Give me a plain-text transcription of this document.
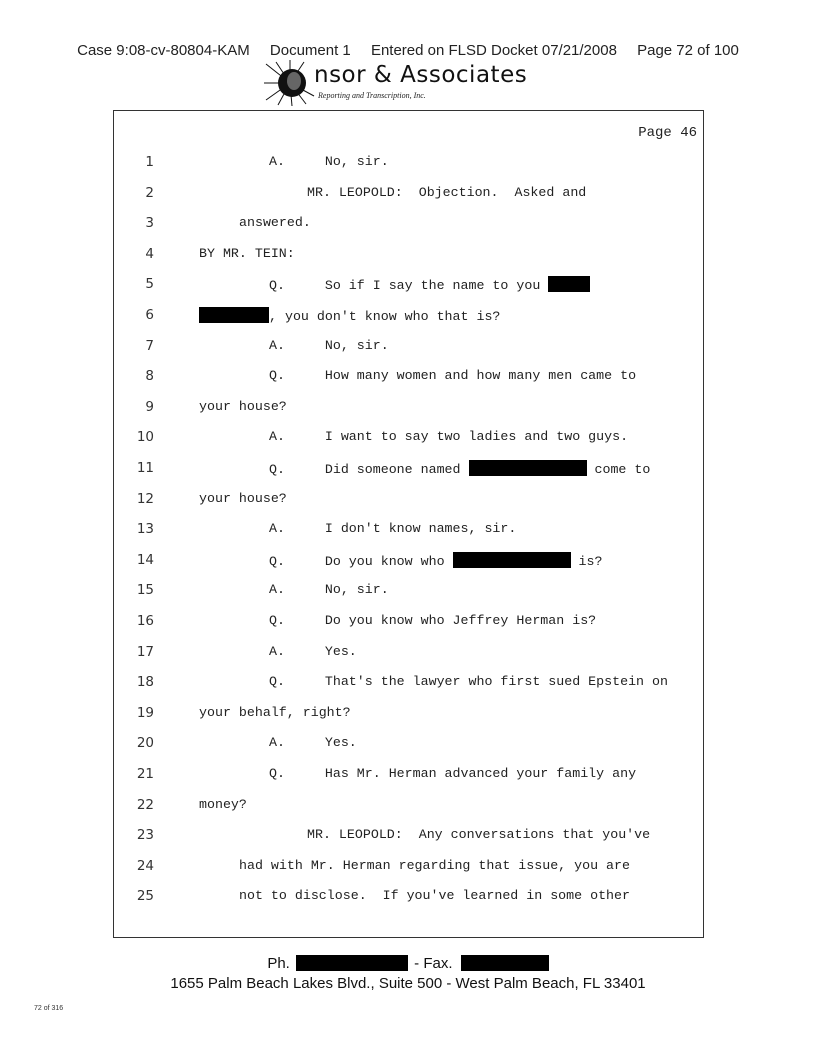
Case 9:08-cv-80804-KAM Document 1 Entered on FLSD Docket 07/21/2008 Page 72 of 100
nsor & Associates
Reporting and Transcription, Inc.
Page 46
1	A.     No, sir.
2	MR. LEOPOLD:  Objection.  Asked and
3	answered.
4	BY MR. TEIN:
5	Q.     So if I say the name to you
6	, you don't know who that is?
7	A.     No, sir.
8	Q.     How many women and how many men came to
9	your house?
10	A.     I want to say two ladies and two guys.
11	Q.     Did someone named	come to
12	your house?
13	A.     I don't know names, sir.
14	Q.     Do you know who	is?
15	A.     No, sir.
16	Q.     Do you know who Jeffrey Herman is?
17	A.     Yes.
18	Q.     That's the lawyer who first sued Epstein on
19	your behalf, right?
20	A.     Yes.
21	Q.     Has Mr. Herman advanced your family any
22	money?
23	MR. LEOPOLD:  Any conversations that you've
24	had with Mr. Herman regarding that issue, you are
25	not to disclose.  If you've learned in some other
Ph.	- Fax.
1655 Palm Beach Lakes Blvd., Suite 500 - West Palm Beach, FL 33401
72 of 316
